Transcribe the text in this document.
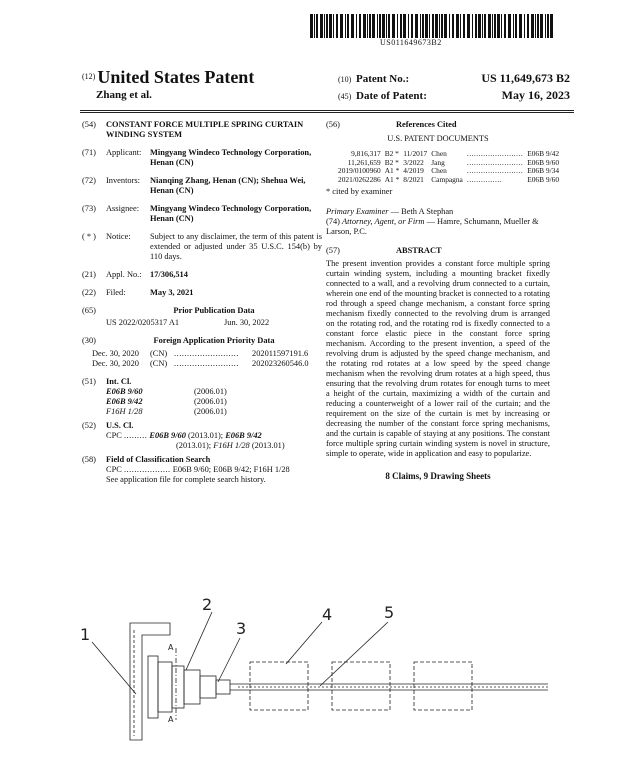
US011649673B2
$^{(12)}$ United States Patent
Zhang et al.
(10) Patent No.:	US 11,649,673 B2
(45) Date of Patent:	May 16, 2023
(54)	CONSTANT FORCE MULTIPLE SPRING CURTAIN WINDING SYSTEM
(71)	Applicant:	Mingyang Windeco Technology Corporation, Henan (CN)
(72)	Inventors:	Nianqing Zhang, Henan (CN); Shehua Wei, Henan (CN)
(73)	Assignee:	Mingyang Windeco Technology Corporation, Henan (CN)
( * )	Notice:	Subject to any disclaimer, the term of this patent is extended or adjusted under 35 U.S.C. 154(b) by 110 days.
(21)	Appl. No.:	17/306,514
(22)	Filed:	May 3, 2021
(65)	Prior Publication Data
US 2022/0205317 A1	Jun. 30, 2022
(30)	Foreign Application Priority Data
Dec. 30, 2020	(CN) .........................	202011597191.6
Dec. 30, 2020	(CN) .........................	202023260546.0
(51)	Int. Cl.
E06B 9/60	(2006.01)
E06B 9/42	(2006.01)
F16H 1/28	(2006.01)
(52)	U.S. Cl.
CPC ......... E06B 9/60 (2013.01); E06B 9/42
(2013.01); F16H 1/28 (2013.01)
(58)	Field of Classification Search
CPC .................. E06B 9/60; E06B 9/42; F16H 1/28
See application file for complete search history.
(56)	References Cited
U.S. PATENT DOCUMENTS
9,816,317	B2 *	11/2017	Chen	........................	E06B 9/42
11,261,659	B2 *	3/2022	Jang	........................	E06B 9/60
2019/0100960	A1 *	4/2019	Chen	........................	E06B 9/34
2021/0262286	A1 *	8/2021	Campagna	...............	E06B 9/60
* cited by examiner
Primary Examiner — Beth A Stephan
(74) Attorney, Agent, or Firm — Hamre, Schumann, Mueller & Larson, P.C.
(57)	ABSTRACT
The present invention provides a constant force multiple spring curtain winding system, including a mounting bracket fixedly connected to a wall, and a revolving drum connected to a curtain, wherein one end of the mounting bracket is connected to a rotating rod through a speed change mechanism, a constant force spring mechanism fixedly connected to the revolving drum is arranged on the rotating rod, and the rotating rod is fixedly connected to a constant force elastic piece in the constant force spring mechanism. According to the present invention, a speed of the revolving drum is adjusted by the speed change mechanism, and the rotating rod rotates at a low speed by the speed change mechanism when the revolving drum rotates at a high speed, thus ensuring that the revolving drum rotates for enough turns to meet a height of the curtain, maximizing a width of the curtain and reducing a counterweight of a lower rail of the curtain; and the requirement on the size of the curtain is met by increasing or decreasing the number of the constant force spring mechanisms, and the curtain is capable of staying at any positions. The constant force multiple spring curtain winding system is novel in structure, simple to operate, wide in application and easy to popularize.
8 Claims, 9 Drawing Sheets
1
2
3
4	5
A
A
